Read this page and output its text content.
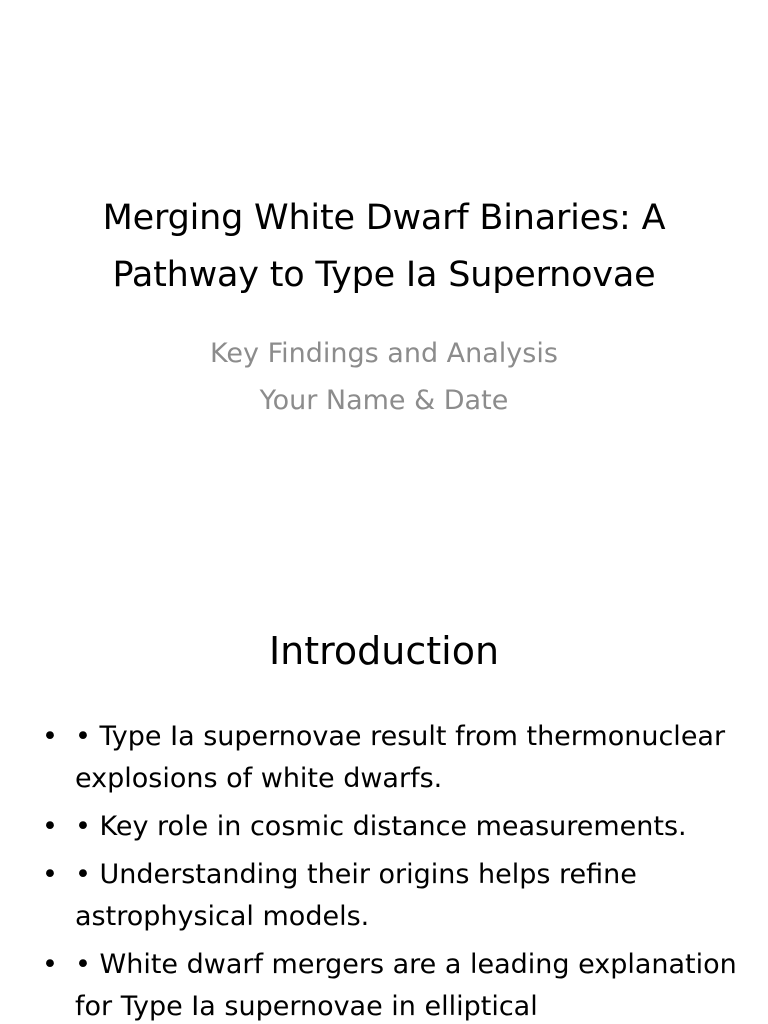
Merging White Dwarf Binaries: A Pathway to Type Ia Supernovae
Key Findings and Analysis
Your Name & Date
Introduction
• • Type Ia supernovae result from thermonuclear explosions of white dwarfs.
• • Key role in cosmic distance measurements.
• • Understanding their origins helps refine astrophysical models.
• • White dwarf mergers are a leading explanation for Type Ia supernovae in elliptical
